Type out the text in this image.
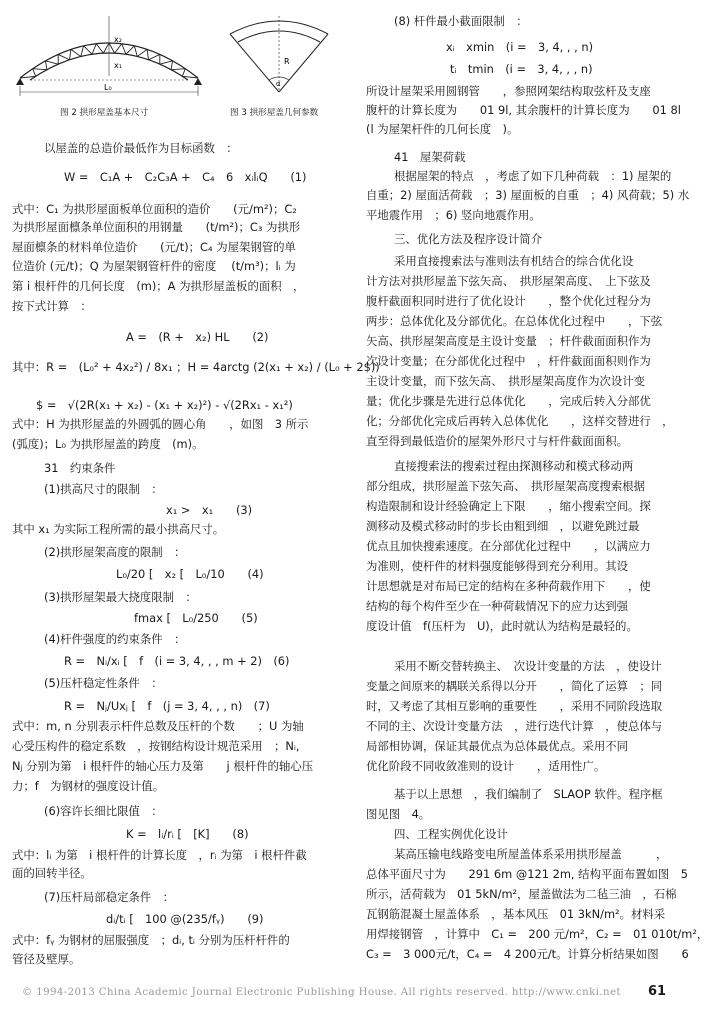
x₂
x₁
L₀
R
α
图 2 拱形屋盖基本尺寸	图 3 拱形屋盖几何参数
以屋盖的总造价最低作为目标函数　：
W =　C₁A +　C₂C₃A +　C₄　6　xᵢlᵢQ　　(1)
式中：C₁ 为拱形屋面板单位面积的造价　　(元/m²)；C₂
为拱形屋面檩条单位面积的用钢量　　(t/m²)；C₃ 为拱形
屋面檩条的材料单位造价　　(元/t)；C₄ 为屋架钢管的单
位造价 (元/t)；Q 为屋架钢管杆件的密度　 (t/m³)；lᵢ 为
第 i 根杆件的几何长度　(m)；A 为拱形屋盖板的面积　，
按下式计算　：
A =　(R +　x₂) HL　　(2)
其中：R =　(L₀² + 4x₂²) / 8x₁ ；H = 4arctg (2(x₁ + x₂) / (L₀ + 2$))
$ =　√(2R(x₁ + x₂) - (x₁ + x₂)²) - √(2Rx₁ - x₁²)
式中：H 为拱形屋盖的外圆弧的圆心角　　，如图　3 所示
(弧度)；L₀ 为拱形屋盖的跨度　(m)。
31　约束条件
(1)拱高尺寸的限制　：
x₁ >　x₁　　(3)
其中 x₁ 为实际工程所需的最小拱高尺寸。
(2)拱形屋架高度的限制　：
L₀/20 [　x₂ [　L₀/10　　(4)
(3)拱形屋架最大挠度限制　：
fmax [　L₀/250　　(5)
(4)杆件强度的约束条件　：
R =　Nᵢ/xᵢ [　f　(i = 3, 4, , , m + 2)　(6)
(5)压杆稳定性条件　：
R =　Nⱼ/Uxⱼ [　f　(j = 3, 4, , , n)　(7)
式中：m, n 分别表示杆件总数及压杆的个数　　；U 为轴
心受压构件的稳定系数　，按钢结构设计规范采用　；Nᵢ,
Nⱼ 分别为第　i 根杆件的轴心压力及第　　j 根杆件的轴心压
力；f　为钢材的强度设计值。
(6)容许长细比限值　：
K =　lᵢ/rᵢ [　[K]　　(8)
式中：lᵢ 为第　i 根杆件的计算长度　，rᵢ 为第　i 根杆件截
面的回转半径。
(7)压杆局部稳定条件　：
dᵢ/tᵢ [　100 @(235/fᵧ)　　(9)
式中：fᵧ 为钢材的屈服强度　；dᵢ, tᵢ 分别为压杆杆件的
管径及壁厚。
(8) 杆件最小截面限制　：
xᵢ　xmin　(i =　3, 4, , , n)
tᵢ　tmin　(i =　3, 4, , , n)
所设计屋架采用圆钢管　　，参照网架结构取弦杆及支座
腹杆的计算长度为　　01 9l, 其余腹杆的计算长度为　　01 8l
(l 为屋架杆件的几何长度　)。
41　屋架荷载
根据屋架的特点　，考虑了如下几种荷载　：1) 屋架的
自重；2) 屋面活荷载　；3) 屋面板的自重　；4) 风荷载；5) 水
平地震作用　；6) 竖向地震作用。
三、优化方法及程序设计简介
采用直接搜索法与准则法有机结合的综合优化设
计方法对拱形屋盖下弦矢高、　拱形屋架高度、　上下弦及
腹杆截面积同时进行了优化设计　　，整个优化过程分为
两步：总体优化及分部优化。在总体优化过程中　　，下弦
矢高、拱形屋架高度是主设计变量　；杆件截面面积作为
次设计变量；在分部优化过程中　，杆件截面面积则作为
主设计变量，而下弦矢高、　拱形屋架高度作为次设计变
量；优化步骤是先进行总体优化　　，完成后转入分部优
化；分部优化完成后再转入总体优化　　，这样交替进行　，
直至得到最低造价的屋架外形尺寸与杆件截面面积。
直接搜索法的搜索过程由探测移动和模式移动两
部分组成，拱形屋盖下弦矢高、　拱形屋架高度搜索根据
构造限制和设计经验确定上下限　　，缩小搜索空间。探
测移动及模式移动时的步长由粗到细　，以避免跳过最
优点且加快搜索速度。在分部优化过程中　　，以满应力
为准则，使杆件的材料强度能够得到充分利用。其设
计思想就是对布局已定的结构在多种荷载作用下　　，使
结构的每个构件至少在一种荷载情况下的应力达到强
度设计值　f(压杆为　U)，此时就认为结构是最轻的。
采用不断交替转换主、　次设计变量的方法　，使设计
变量之间原来的耦联关系得以分开　　，简化了运算　；同
时，又考虑了其相互影响的重要性　　，采用不同阶段选取
不同的主、次设计变量方法　，进行迭代计算　，使总体与
局部相协调，保证其最优点为总体最优点。采用不同
优化阶段不同收敛准则的设计　　，适用性广。
基于以上思想　，我们编制了　SLAOP 软件。程序框
图见图　4。
四、工程实例优化设计
某高压输电线路变电所屋盖体系采用拱形屋盖　　　，
总体平面尺寸为　　291 6m @121 2m, 结构平面布置如图　5
所示，活荷载为　01 5kN/m²，屋盖做法为二毡三油　，石棉
瓦钢筋混凝土屋盖体系　，基本风压　01 3kN/m²。材料采
用焊接钢管　，计算中　C₁ =　200 元/m²，C₂ =　01 010t/m²，
C₃ =　3 000元/t，C₄ =　4 200元/t。计算分析结果如图　　6
© 1994-2013 China Academic Journal Electronic Publishing House. All rights reserved. http://www.cnki.net 61
